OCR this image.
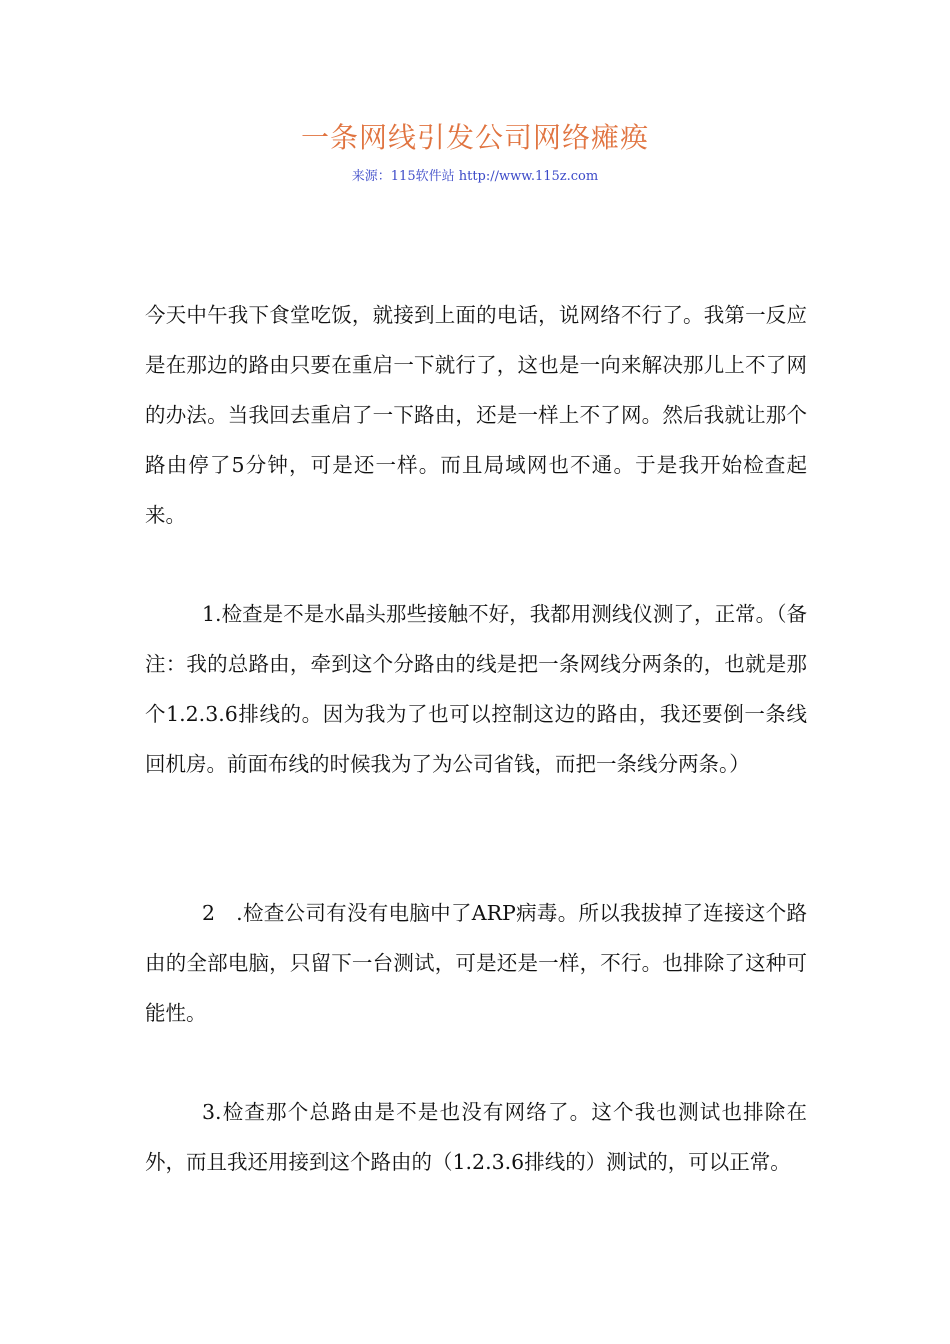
一条网线引发公司网络瘫痪
来源：115软件站 http://www.115z.com

今天中午我下食堂吃饭，就接到上面的电话，说网络不行了。我第一反应是在那边的路由只要在重启一下就行了，这也是一向来解决那儿上不了网的办法。当我回去重启了一下路由，还是一样上不了网。然后我就让那个路由停了5分钟，可是还一样。而且局域网也不通。于是我开始检查起来。

1.检查是不是水晶头那些接触不好，我都用测线仪测了，正常。（备注：我的总路由，牵到这个分路由的线是把一条网线分两条的，也就是那个1.2.3.6排线的。因为我为了也可以控制这边的路由，我还要倒一条线回机房。前面布线的时候我为了为公司省钱，而把一条线分两条。）

2　.检查公司有没有电脑中了ARP病毒。所以我拔掉了连接这个路由的全部电脑，只留下一台测试，可是还是一样，不行。也排除了这种可能性。

3.检查那个总路由是不是也没有网络了。这个我也测试也排除在外，而且我还用接到这个路由的（1.2.3.6排线的）测试的，可以正常。
